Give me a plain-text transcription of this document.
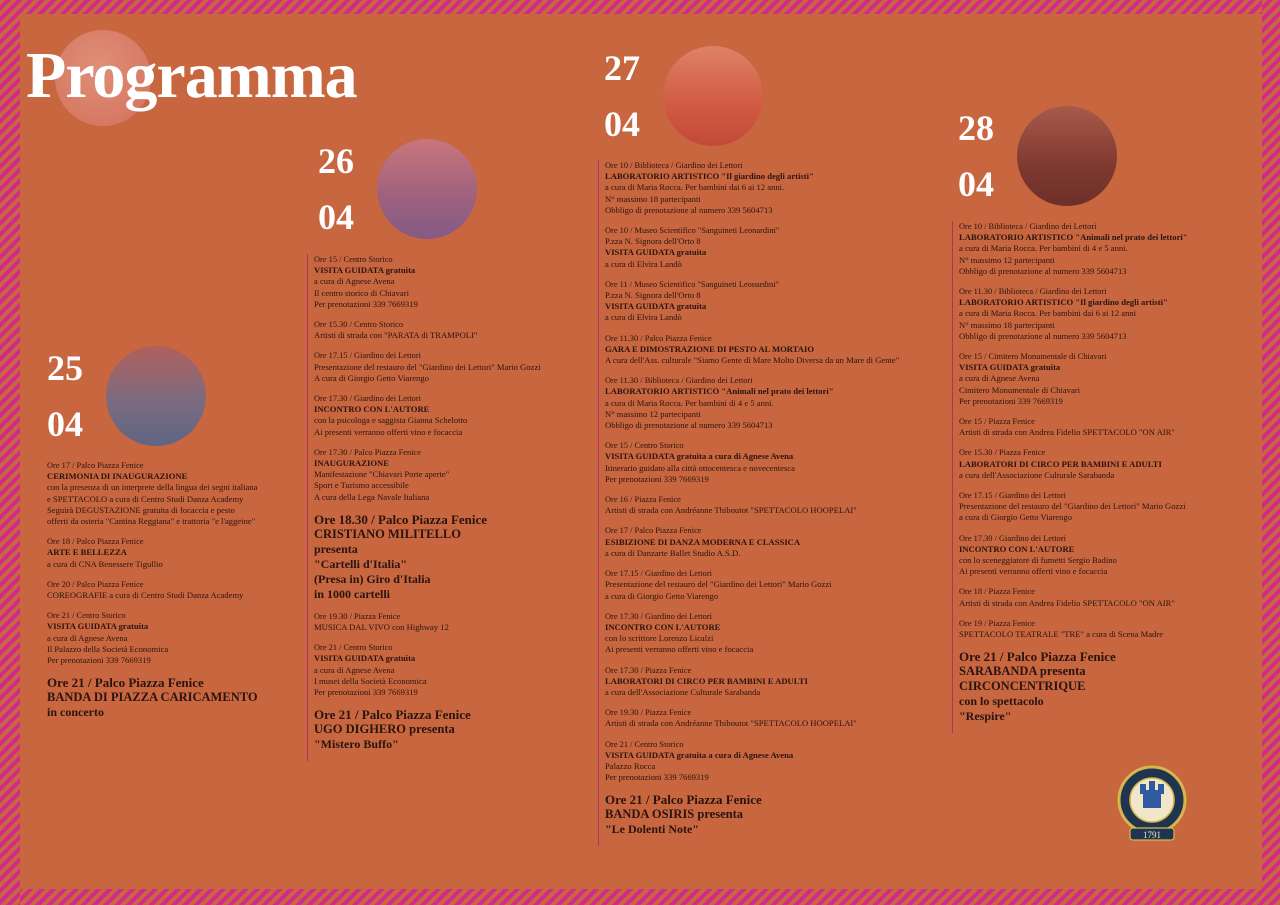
Programma
25
04
Ore 17 / Palco Piazza Fenice
CERIMONIA DI INAUGURAZIONE
con la presenza di un interprete della lingua dei segni italiana
e SPETTACOLO a cura di Centro Studi Danza Academy
Seguirà DEGUSTAZIONE gratuita di focaccia e pesto
offerti da osteria "Cantina Reggiana" e trattoria "e l'aggeine"
Ore 18 / Palco Piazza Fenice
ARTE E BELLEZZA
a cura di CNA Benessere Tigullio
Ore 20 / Palco Piazza Fenice
COREOGRAFIE a cura di Centro Studi Danza Academy
Ore 21 / Centro Storico
VISITA GUIDATA gratuita
a cura di Agnese Avena
Il Palazzo della Società Economica
Per prenotazioni 339 7669319
Ore 21 / Palco Piazza Fenice
BANDA DI PIAZZA CARICAMENTO
in concerto
26
04
Ore 15 / Centro Storico
VISITA GUIDATA gratuita
a cura di Agnese Avena
Il centro storico di Chiavari
Per prenotazioni 339 7669319
Ore 15.30 / Centro Storico
Artisti di strada con "PARATA di TRAMPOLI"
Ore 17.15 / Giardino dei Lettori
Presentazione del restauro del "Giardino dei Lettori" Mario Gozzi
A cura di Giorgio Getto Viarengo
Ore 17.30 / Giardino dei Lettori
INCONTRO CON L'AUTORE
con la psicologa e saggista Gianna Schelotto
Ai presenti verranno offerti vino e focaccia
Ore 17.30 / Palco Piazza Fenice
INAUGURAZIONE
Manifestazione "Chiavari Porte aperte"
Sport e Turismo accessibile
A cura della Lega Navale Italiana
Ore 18.30 / Palco Piazza Fenice
CRISTIANO MILITELLO
presenta
"Cartelli d'Italia"
(Presa in) Giro d'Italia
in 1000 cartelli
Ore 19.30 / Piazza Fenice
MUSICA DAL VIVO con Highway 12
Ore 21 / Centro Storico
VISITA GUIDATA gratuita
a cura di Agnese Avena
I musei della Società Economica
Per prenotazioni 339 7669319
Ore 21 / Palco Piazza Fenice
UGO DIGHERO presenta
"Mistero Buffo"
27
04
Ore 10 / Biblioteca / Giardino dei Lettori
LABORATORIO ARTISTICO "Il giardino degli artisti"
a cura di Maria Rocca. Per bambini dai 6 ai 12 anni.
N° massimo 18 partecipanti
Obbligo di prenotazione al numero 339 5604713
Ore 10 / Museo Scientifico "Sanguineti Leonardini"
P.zza N. Signora dell'Orto 8
VISITA GUIDATA gratuita
a cura di Elvira Landò
Ore 11 / Museo Scientifico "Sanguineti Leonardini"
P.zza N. Signora dell'Orto 8
VISITA GUIDATA gratuita
a cura di Elvira Landò
Ore 11.30 / Palco Piazza Fenice
GARA E DIMOSTRAZIONE DI PESTO AL MORTAIO
A cura dell'Ass. culturale "Siamo Gente di Mare Molto Diversa da un Mare di Gente"
Ore 11.30 / Biblioteca / Giardino dei Lettori
LABORATORIO ARTISTICO "Animali nel prato dei lettori"
a cura di Maria Rocca. Per bambini di 4 e 5 anni.
N° massimo 12 partecipanti
Obbligo di prenotazione al numero 339 5604713
Ore 15 / Centro Storico
VISITA GUIDATA gratuita a cura di Agnese Avena
Itinerario guidato alla città ottocentesca e novecentesca
Per prenotazioni 339 7669319
Ore 16 / Piazza Fenice
Artisti di strada con Andréanne Thiboutot "SPETTACOLO HOOPELAI"
Ore 17 / Palco Piazza Fenice
ESIBIZIONE DI DANZA MODERNA E CLASSICA
a cura di Danzarte Ballet Studio A.S.D.
Ore 17.15 / Giardino dei Lettori
Presentazione del restauro del "Giardino dei Lettori" Mario Gozzi
a cura di Giorgio Getto Viarengo
Ore 17.30 / Giardino dei Lettori
INCONTRO CON L'AUTORE
con lo scrittore Lorenzo Licalzi
Ai presenti verranno offerti vino e focaccia
Ore 17.30 / Piazza Fenice
LABORATORI DI CIRCO PER BAMBINI E ADULTI
a cura dell'Associazione Culturale Sarabanda
Ore 19.30 / Piazza Fenice
Artisti di strada con Andréanne Thiboutot "SPETTACOLO HOOPELAI"
Ore 21 / Centro Storico
VISITA GUIDATA gratuita a cura di Agnese Avena
Palazzo Rocca
Per prenotazioni 339 7669319
Ore 21 / Palco Piazza Fenice
BANDA OSIRIS presenta
"Le Dolenti Note"
28
04
Ore 10 / Biblioteca / Giardino dei Lettori
LABORATORIO ARTISTICO "Animali nel prato dei lettori"
a cura di Maria Rocca. Per bambini di 4 e 5 anni.
N° massimo 12 partecipanti
Obbligo di prenotazione al numero 339 5604713
Ore 11.30 / Biblioteca / Giardino dei Lettori
LABORATORIO ARTISTICO "Il giardino degli artisti"
a cura di Maria Rocca. Per bambini dai 6 ai 12 anni
N° massimo 18 partecipanti
Obbligo di prenotazione al numero 339 5604713
Ore 15 / Cimitero Monumentale di Chiavari
VISITA GUIDATA gratuita
a cura di Agnese Avena
Cimitero Monumentale di Chiavari
Per prenotazioni 339 7669319
Ore 15 / Piazza Fenice
Artisti di strada con Andrea Fidelio SPETTACOLO "ON AIR"
Ore 15.30 / Piazza Fenice
LABORATORI DI CIRCO PER BAMBINI E ADULTI
a cura dell'Associazione Culturale Sarabanda
Ore 17.15 / Giardino dei Lettori
Presentazione del restauro del "Giardino dei Lettori" Mario Gozzi
a cura di Giorgio Getto Viarengo
Ore 17.30 / Giardino dei Lettori
INCONTRO CON L'AUTORE
con lo sceneggiatore di fumetti Sergio Badino
Ai presenti verranno offerti vino e focaccia
Ore 18 / Piazza Fenice
Artisti di strada con Andrea Fidelio SPETTACOLO "ON AIR"
Ore 19 / Piazza Fenice
SPETTACOLO TEATRALE "TRE" a cura di Scena Madre
Ore 21 / Palco Piazza Fenice
SARABANDA presenta
CIRCONCENTRIQUE
con lo spettacolo
"Respire"
1791
